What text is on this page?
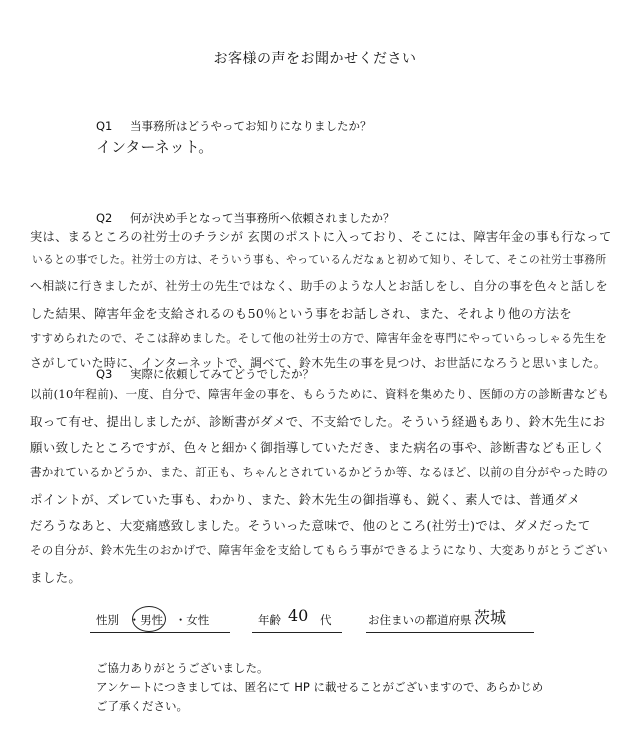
お客様の声をお聞かせください
Q1 当事務所はどうやってお知りになりましたか？
インターネット。
Q2 何が決め手となって当事務所へ依頼されましたか？
実は、まるところの社労士のチラシが 玄関のポストに入っており、そこには、障害年金の事も行なって
いるとの事でした。社労士の方は、そういう事も、やっているんだなぁと初めて知り、そして、そこの社労士事務所
へ相談に行きましたが、社労士の先生ではなく、助手のような人とお話しをし、自分の事を色々と話しを
した結果、障害年金を支給されるのも50％という事をお話しされ、また、それより他の方法を
すすめられたので、そこは辞めました。そして他の社労士の方で、障害年金を専門にやっていらっしゃる先生を
さがしていた時に、インターネットで、調べて、鈴木先生の事を見つけ、お世話になろうと思いました。
Q3 実際に依頼してみてどうでしたか？
以前(10年程前)、一度、自分で、障害年金の事を、もらうために、資料を集めたり、医師の方の診断書なども
取って有せ、提出しましたが、診断書がダメで、不支給でした。そういう経過もあり、鈴木先生にお
願い致したところですが、色々と細かく御指導していただき、また病名の事や、診断書なども正しく
書かれているかどうか、また、訂正も、ちゃんとされているかどうか等、なるほど、以前の自分がやった時の
ポイントが、ズレていた事も、わかり、また、鈴木先生の御指導も、鋭く、素人では、普通ダメ
だろうなあと、大変痛感致しました。そういった意味で、他のところ(社労士)では、ダメだったて
その自分が、鈴木先生のおかげで、障害年金を支給してもらう事ができるようになり、大変ありがとうござい
ました。
性別 ・男性 ・女性	年齢 40 代	お住まいの都道府県 茨城
ご協力ありがとうございました。
アンケートにつきましては、匿名にて HP に載せることがございますので、あらかじめ
ご了承ください。
